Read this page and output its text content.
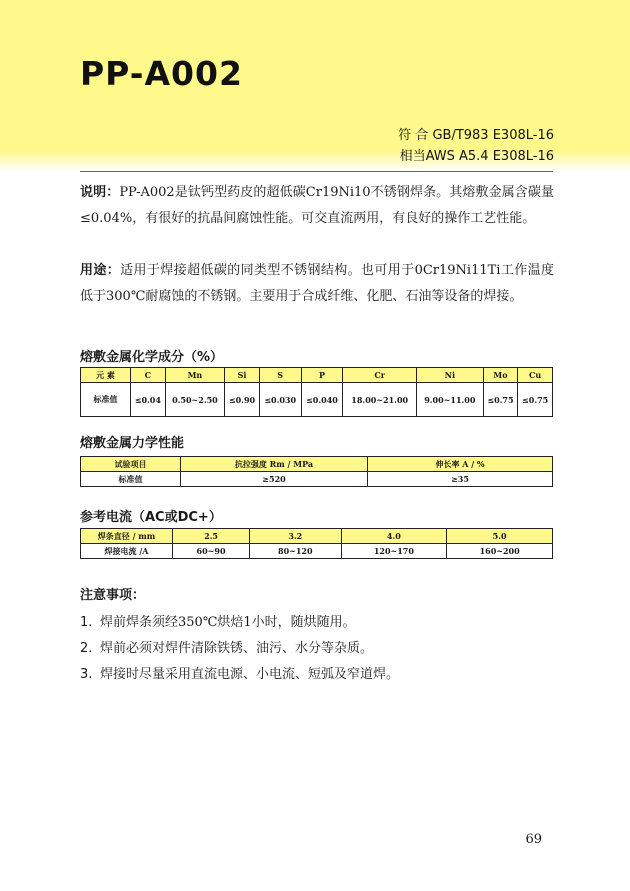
PP-A002
符 合 GB/T983 E308L-16
相当AWS A5.4 E308L-16
说明：PP-A002是钛钙型药皮的超低碳Cr19Ni10不锈钢焊条。其熔敷金属含碳量≤0.04%，有很好的抗晶间腐蚀性能。可交直流两用，有良好的操作工艺性能。
用途：适用于焊接超低碳的同类型不锈钢结构。也可用于0Cr19Ni11Ti工作温度低于300℃耐腐蚀的不锈钢。主要用于合成纤维、化肥、石油等设备的焊接。
熔敷金属化学成分（%）
元 素	C	Mn	Si	S	P	Cr	Ni	Mo	Cu
标准值	≤0.04	0.50~2.50	≤0.90	≤0.030	≤0.040	18.00~21.00	9.00~11.00	≤0.75	≤0.75
熔敷金属力学性能
试验项目	抗拉强度 Rm / MPa	伸长率 A / %
标准值	≥520	≥35
参考电流（AC或DC+）
焊条直径 / mm	2.5	3.2	4.0	5.0
焊接电流 /A	60~90	80~120	120~170	160~200
注意事项：
1. 焊前焊条须经350℃烘焙1小时，随烘随用。
2. 焊前必须对焊件清除铁锈、油污、水分等杂质。
3. 焊接时尽量采用直流电源、小电流、短弧及窄道焊。
69
